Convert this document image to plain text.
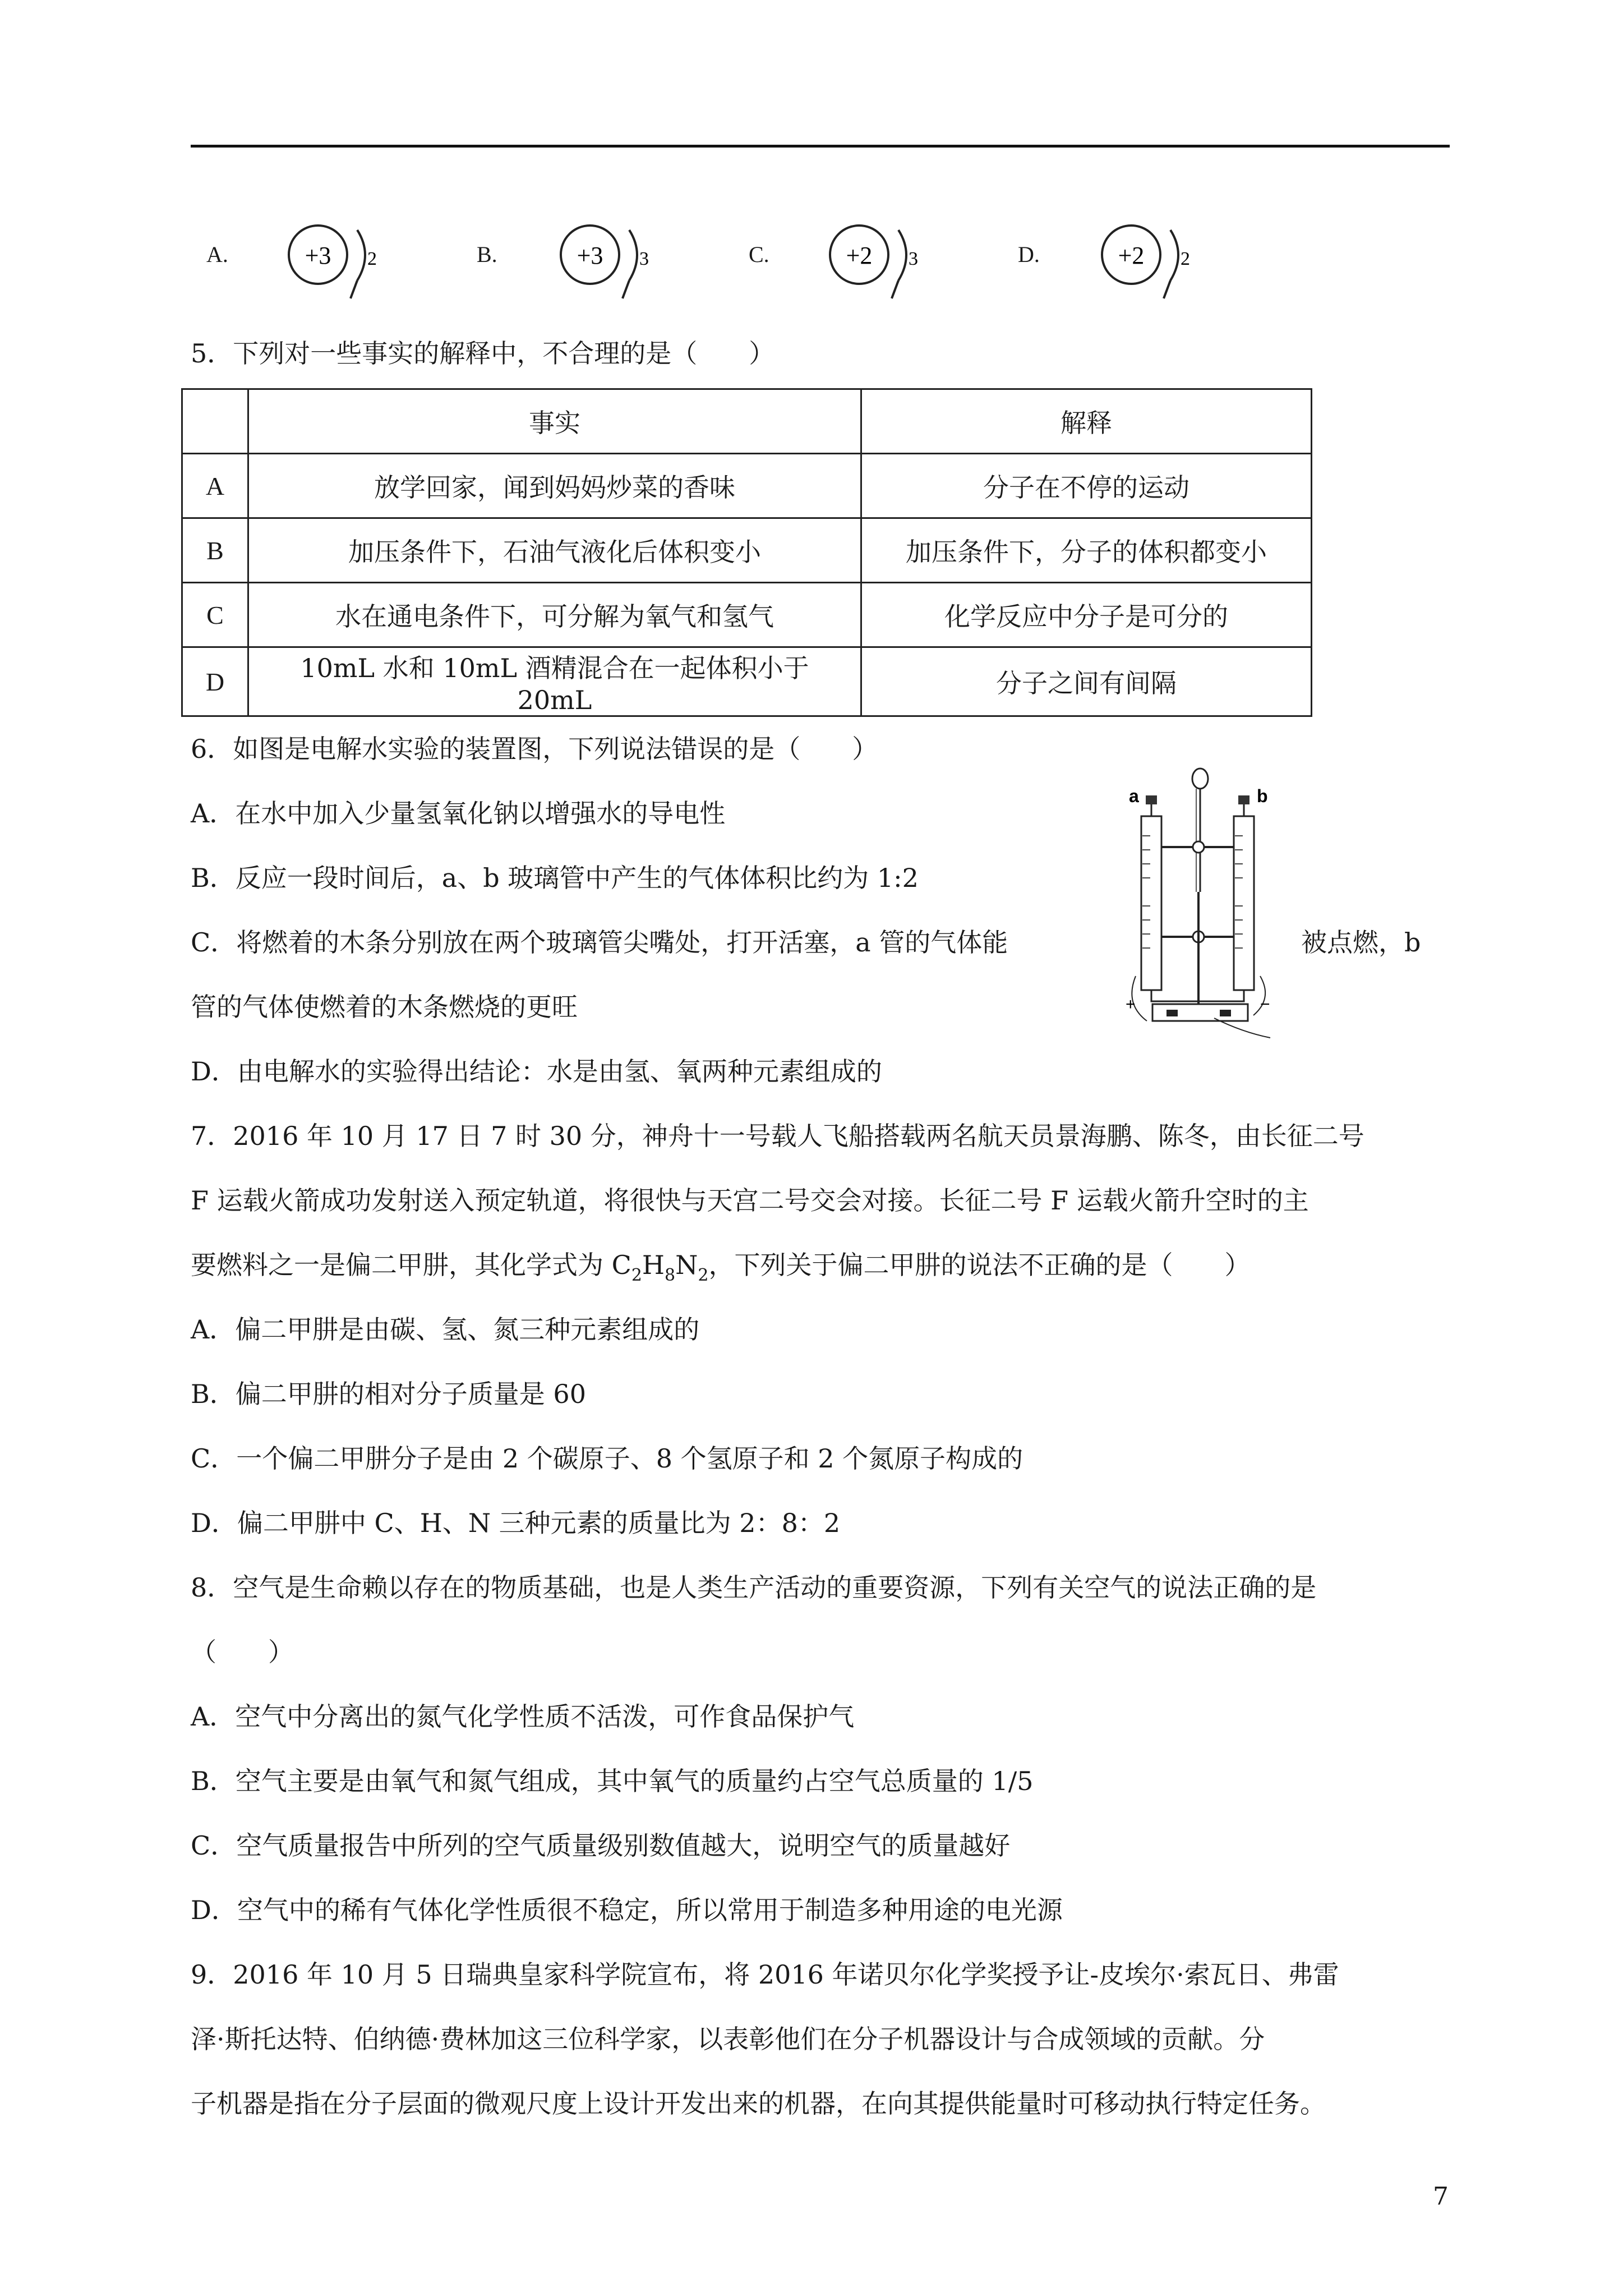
A.	+3 2	B.	+3 3	C.	+2 3	D.	+2 2
5．下列对一些事实的解释中，不合理的是（　　）
	事实	解释
A	放学回家，闻到妈妈炒菜的香味	分子在不停的运动
B	加压条件下，石油气液化后体积变小	加压条件下，分子的体积都变小
C	水在通电条件下，可分解为氧气和氢气	化学反应中分子是可分的
D	10mL 水和 10mL 酒精混合在一起体积小于 20mL	分子之间有间隔
6．如图是电解水实验的装置图，下列说法错误的是（　　）
A．在水中加入少量氢氧化钠以增强水的导电性
B．反应一段时间后，a、b 玻璃管中产生的气体体积比约为 1:2
C．将燃着的木条分别放在两个玻璃管尖嘴处，打开活塞，a 管的气体能	被点燃，b
管的气体使燃着的木条燃烧的更旺
D．由电解水的实验得出结论：水是由氢、氧两种元素组成的
a	b
+	−
7．2016 年 10 月 17 日 7 时 30 分，神舟十一号载人飞船搭载两名航天员景海鹏、陈冬，由长征二号
F 运载火箭成功发射送入预定轨道，将很快与天宫二号交会对接。长征二号 F 运载火箭升空时的主
要燃料之一是偏二甲肼，其化学式为 $C_2H_8N_2$，下列关于偏二甲肼的说法不正确的是（　　）
A．偏二甲肼是由碳、氢、氮三种元素组成的
B．偏二甲肼的相对分子质量是 60
C．一个偏二甲肼分子是由 2 个碳原子、8 个氢原子和 2 个氮原子构成的
D．偏二甲肼中 C、H、N 三种元素的质量比为 2：8：2
8．空气是生命赖以存在的物质基础，也是人类生产活动的重要资源，下列有关空气的说法正确的是
（　　）
A．空气中分离出的氮气化学性质不活泼，可作食品保护气
B．空气主要是由氧气和氮气组成，其中氧气的质量约占空气总质量的 1/5
C．空气质量报告中所列的空气质量级别数值越大，说明空气的质量越好
D．空气中的稀有气体化学性质很不稳定，所以常用于制造多种用途的电光源
9．2016 年 10 月 5 日瑞典皇家科学院宣布，将 2016 年诺贝尔化学奖授予让-皮埃尔·索瓦日、弗雷
泽·斯托达特、伯纳德·费林加这三位科学家，以表彰他们在分子机器设计与合成领域的贡献。分
子机器是指在分子层面的微观尺度上设计开发出来的机器，在向其提供能量时可移动执行特定任务。
7
